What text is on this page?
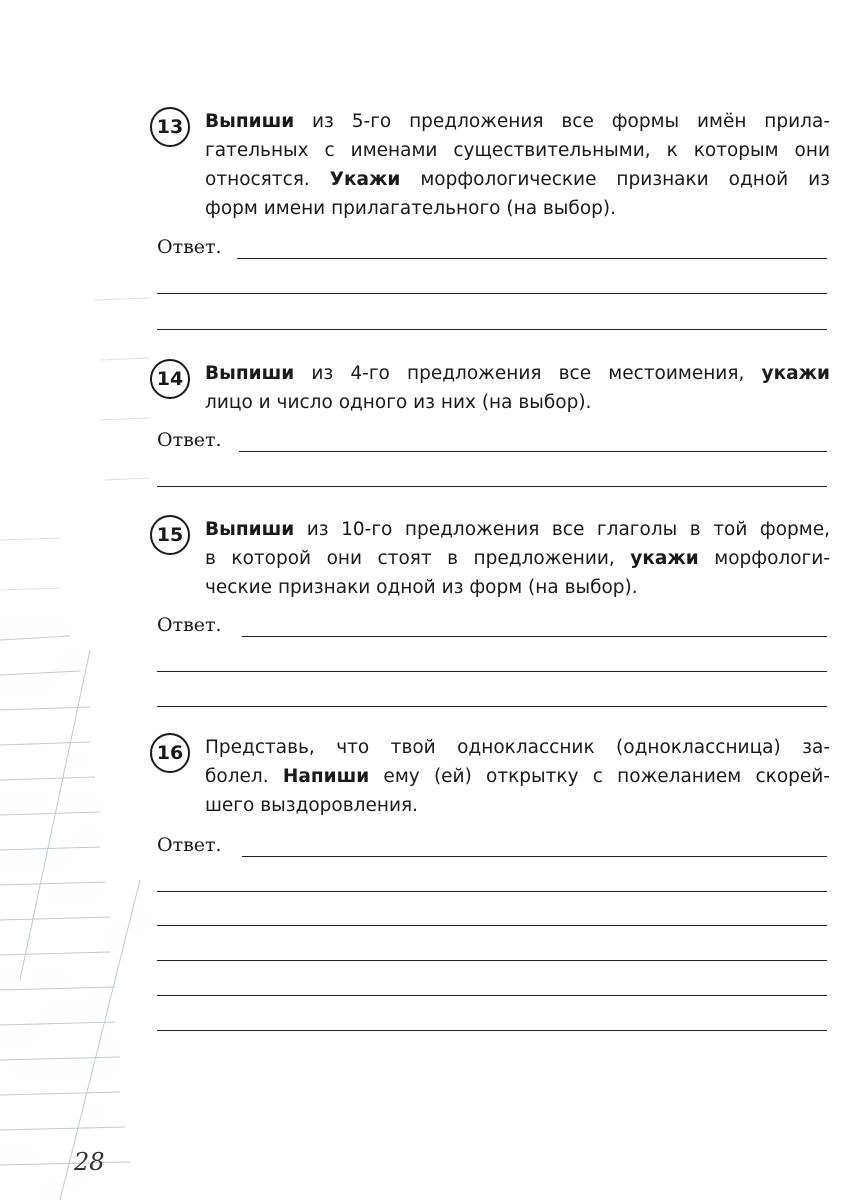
13	Выпиши из 5-го предложения все формы имён прила-
гательных с именами существительными, к которым они
относятся. Укажи морфологические признаки одной из
форм имени прилагательного (на выбор).
Ответ.
14	Выпиши из 4-го предложения все местоимения, укажи
лицо и число одного из них (на выбор).
Ответ.
15	Выпиши из 10-го предложения все глаголы в той форме,
в которой они стоят в предложении, укажи морфологи-
ческие признаки одной из форм (на выбор).
Ответ.
16	Представь, что твой одноклассник (одноклассница) за-
болел. Напиши ему (ей) открытку с пожеланием скорей-
шего выздоровления.
Ответ.
28
